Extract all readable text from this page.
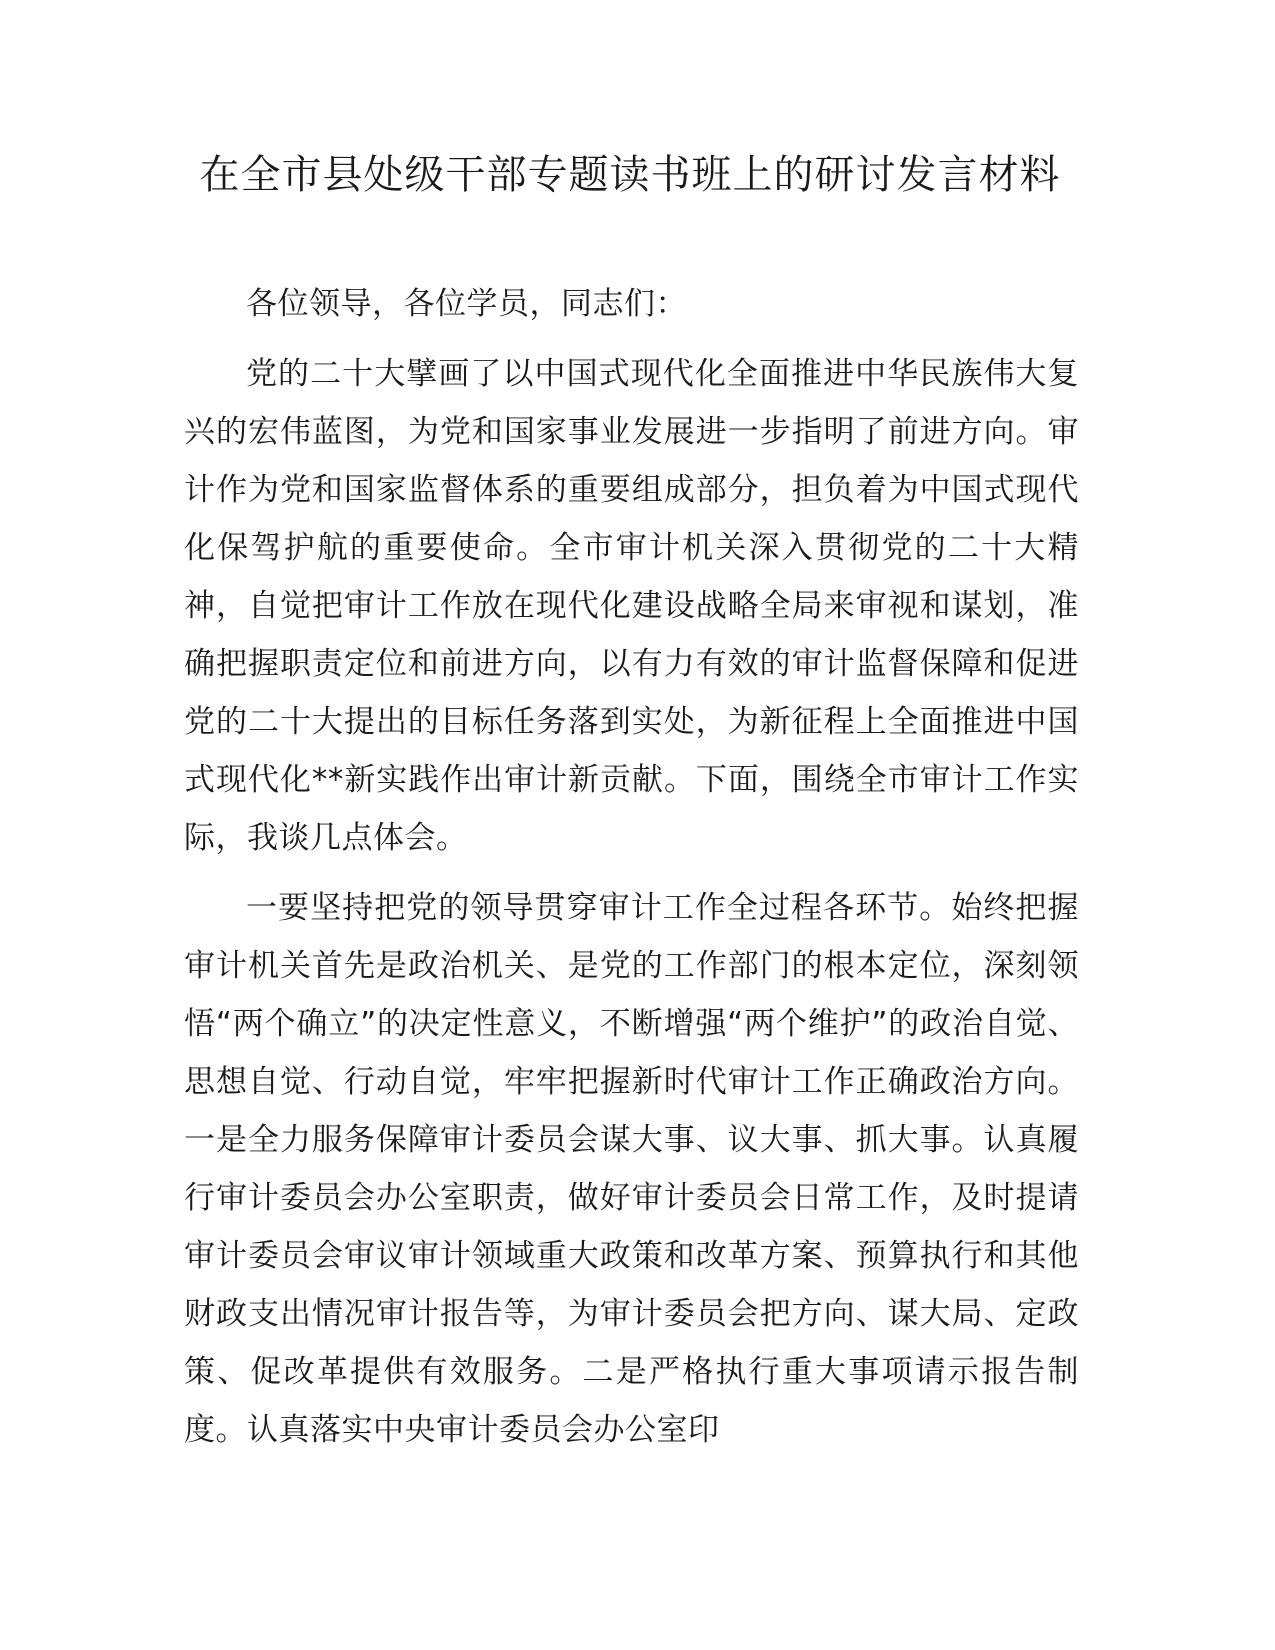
在全市县处级干部专题读书班上的研讨发言材料

各位领导，各位学员，同志们：

党的二十大擘画了以中国式现代化全面推进中华民族伟大复兴的宏伟蓝图，为党和国家事业发展进一步指明了前进方向。审计作为党和国家监督体系的重要组成部分，担负着为中国式现代化保驾护航的重要使命。全市审计机关深入贯彻党的二十大精神，自觉把审计工作放在现代化建设战略全局来审视和谋划，准确把握职责定位和前进方向，以有力有效的审计监督保障和促进党的二十大提出的目标任务落到实处，为新征程上全面推进中国式现代化**新实践作出审计新贡献。下面，围绕全市审计工作实际，我谈几点体会。

一要坚持把党的领导贯穿审计工作全过程各环节。始终把握审计机关首先是政治机关、是党的工作部门的根本定位，深刻领悟“两个确立”的决定性意义，不断增强“两个维护”的政治自觉、思想自觉、行动自觉，牢牢把握新时代审计工作正确政治方向。一是全力服务保障审计委员会谋大事、议大事、抓大事。认真履行审计委员会办公室职责，做好审计委员会日常工作，及时提请审计委员会审议审计领域重大政策和改革方案、预算执行和其他财政支出情况审计报告等，为审计委员会把方向、谋大局、定政策、促改革提供有效服务。二是严格执行重大事项请示报告制度。认真落实中央审计委员会办公室印
